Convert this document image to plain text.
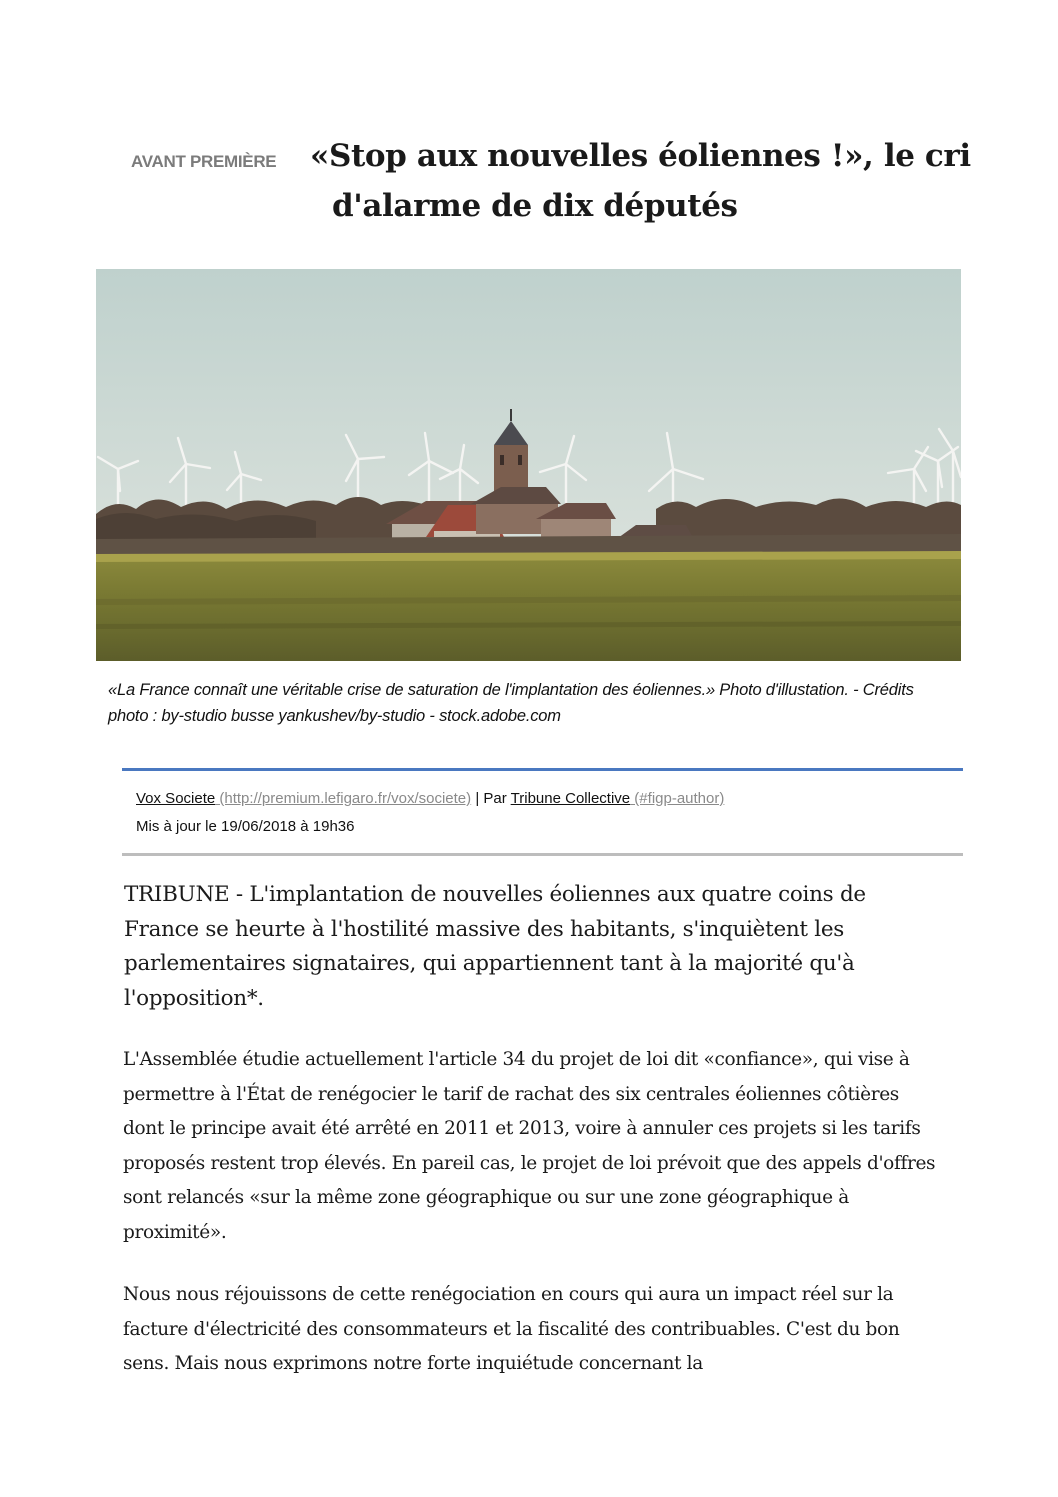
AVANT PREMIÈRE «Stop aux nouvelles éoliennes !», le cri
d'alarme de dix députés
«La France connaît une véritable crise de saturation de l'implantation des éoliennes.» Photo d'illustation. - Crédits photo : by-studio busse yankushev/by-studio - stock.adobe.com
Vox Societe (http://premium.lefigaro.fr/vox/societe) | Par Tribune Collective (#figp-author)
Mis à jour le 19/06/2018 à 19h36
TRIBUNE - L'implantation de nouvelles éoliennes aux quatre coins de France se heurte à l'hostilité massive des habitants, s'inquiètent les parlementaires signataires, qui appartiennent tant à la majorité qu'à l'opposition*.
L'Assemblée étudie actuellement l'article 34 du projet de loi dit «confiance», qui vise à permettre à l'État de renégocier le tarif de rachat des six centrales éoliennes côtières dont le principe avait été arrêté en 2011 et 2013, voire à annuler ces projets si les tarifs proposés restent trop élevés. En pareil cas, le projet de loi prévoit que des appels d'offres sont relancés «sur la même zone géographique ou sur une zone géographique à proximité».
Nous nous réjouissons de cette renégociation en cours qui aura un impact réel sur la facture d'électricité des consommateurs et la fiscalité des contribuables. C'est du bon sens. Mais nous exprimons notre forte inquiétude concernant la
